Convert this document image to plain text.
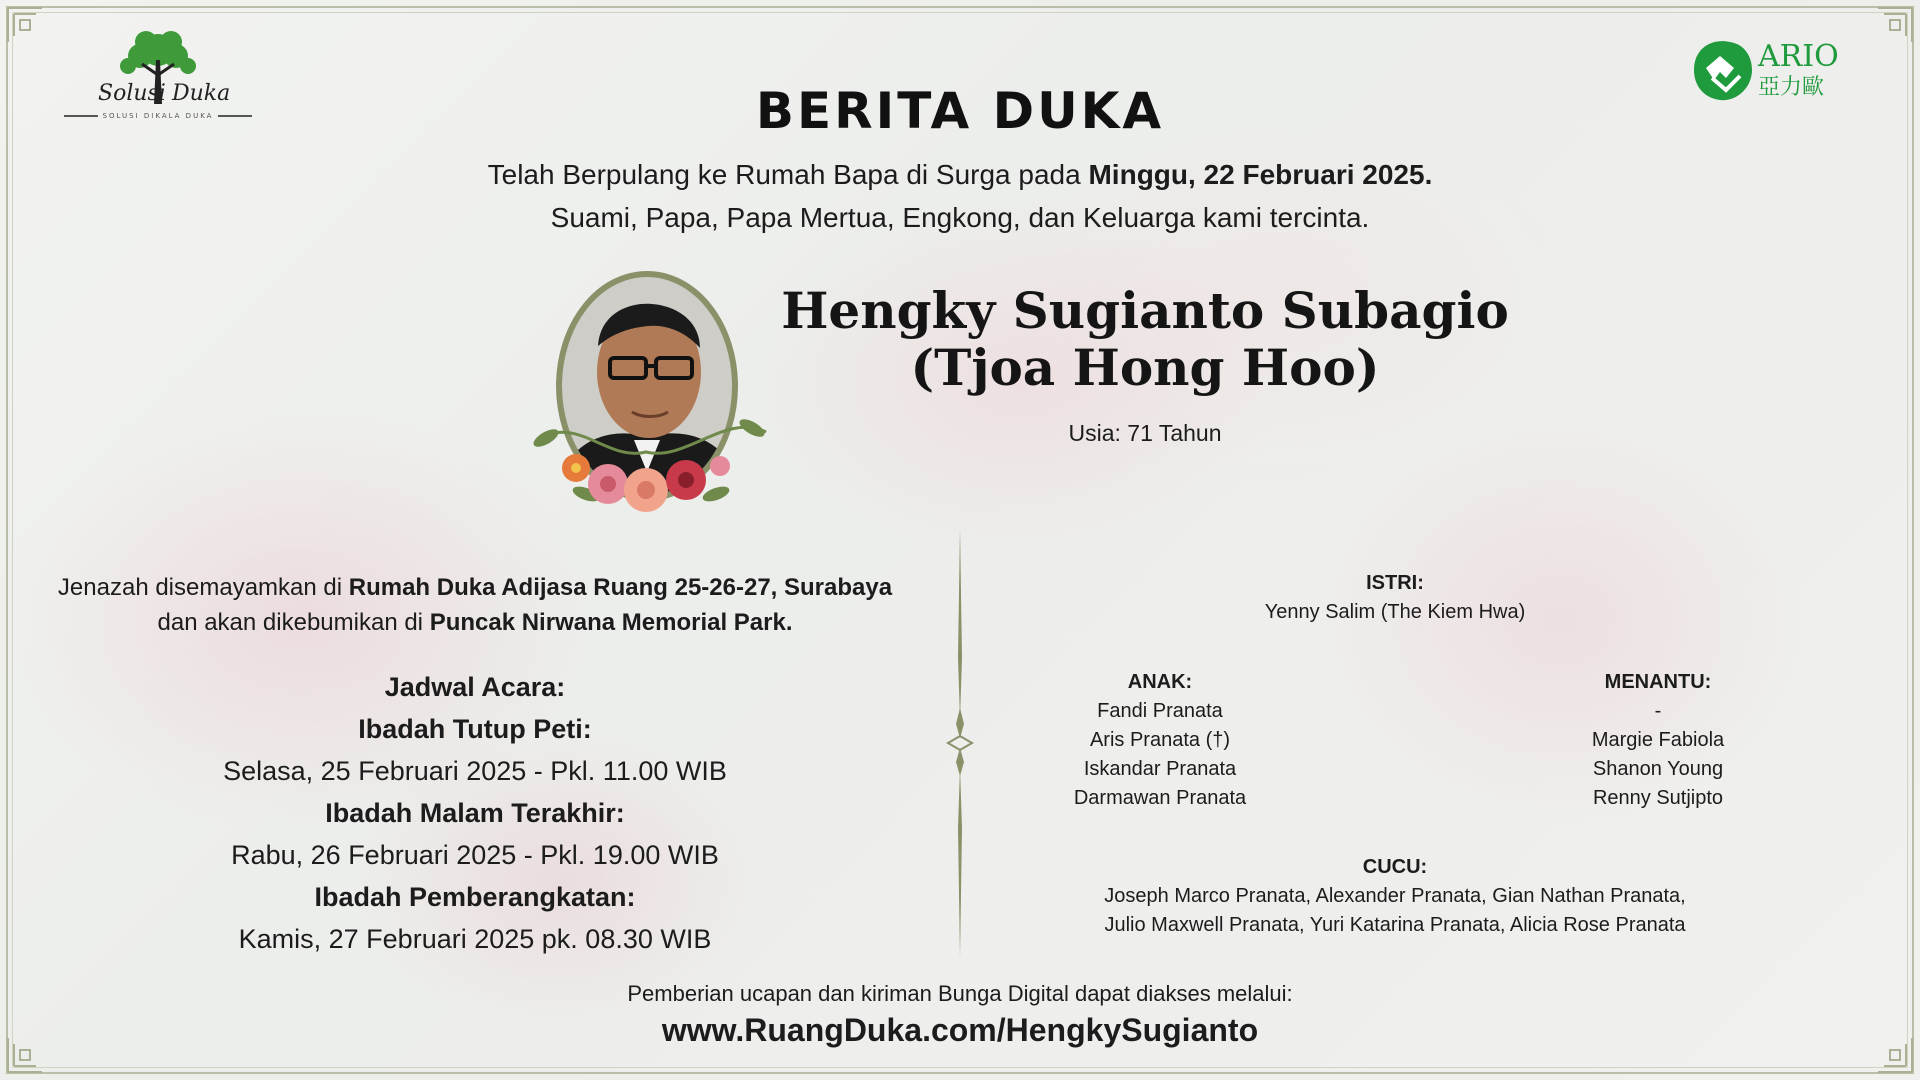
Solusi Duka
SOLUSI DIKALA DUKA
ARIO
亞力歐
BERITA DUKA
Telah Berpulang ke Rumah Bapa di Surga pada Minggu, 22 Februari 2025.
Suami, Papa, Papa Mertua, Engkong, dan Keluarga kami tercinta.
Hengky Sugianto Subagio
(Tjoa Hong Hoo)
Usia: 71 Tahun
Jenazah disemayamkan di Rumah Duka Adijasa Ruang 25-26-27, Surabaya
dan akan dikebumikan di Puncak Nirwana Memorial Park.
Jadwal Acara:
Ibadah Tutup Peti:
Selasa, 25 Februari 2025 - Pkl. 11.00 WIB
Ibadah Malam Terakhir:
Rabu, 26 Februari 2025 - Pkl. 19.00 WIB
Ibadah Pemberangkatan:
Kamis, 27 Februari 2025 pk. 08.30 WIB
ISTRI:
Yenny Salim (The Kiem Hwa)
ANAK:
Fandi Pranata
Aris Pranata (†)
Iskandar Pranata
Darmawan Pranata
MENANTU:
-
Margie Fabiola
Shanon Young
Renny Sutjipto
CUCU:
Joseph Marco Pranata, Alexander Pranata, Gian Nathan Pranata,
Julio Maxwell Pranata, Yuri Katarina Pranata, Alicia Rose Pranata
Pemberian ucapan dan kiriman Bunga Digital dapat diakses melalui:
www.RuangDuka.com/HengkySugianto
